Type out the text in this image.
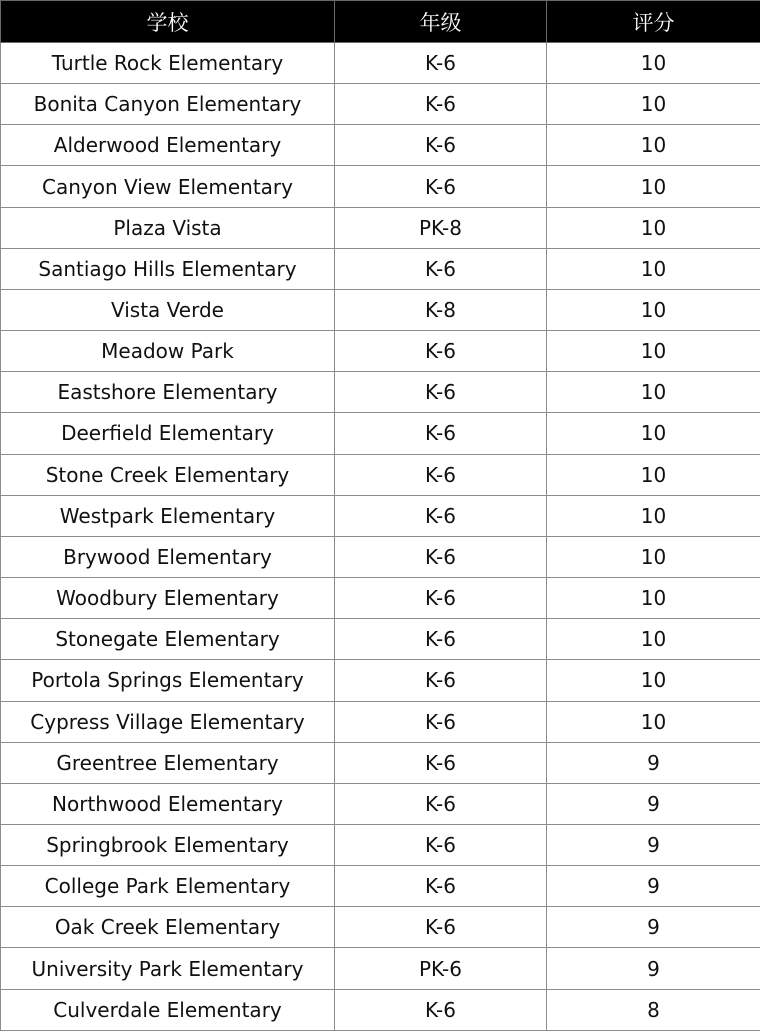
学校	年级	评分
Turtle Rock Elementary	K-6	10
Bonita Canyon Elementary	K-6	10
Alderwood Elementary	K-6	10
Canyon View Elementary	K-6	10
Plaza Vista	PK-8	10
Santiago Hills Elementary	K-6	10
Vista Verde	K-8	10
Meadow Park	K-6	10
Eastshore Elementary	K-6	10
Deerfield Elementary	K-6	10
Stone Creek Elementary	K-6	10
Westpark Elementary	K-6	10
Brywood Elementary	K-6	10
Woodbury Elementary	K-6	10
Stonegate Elementary	K-6	10
Portola Springs Elementary	K-6	10
Cypress Village Elementary	K-6	10
Greentree Elementary	K-6	9
Northwood Elementary	K-6	9
Springbrook Elementary	K-6	9
College Park Elementary	K-6	9
Oak Creek Elementary	K-6	9
University Park Elementary	PK-6	9
Culverdale Elementary	K-6	8
